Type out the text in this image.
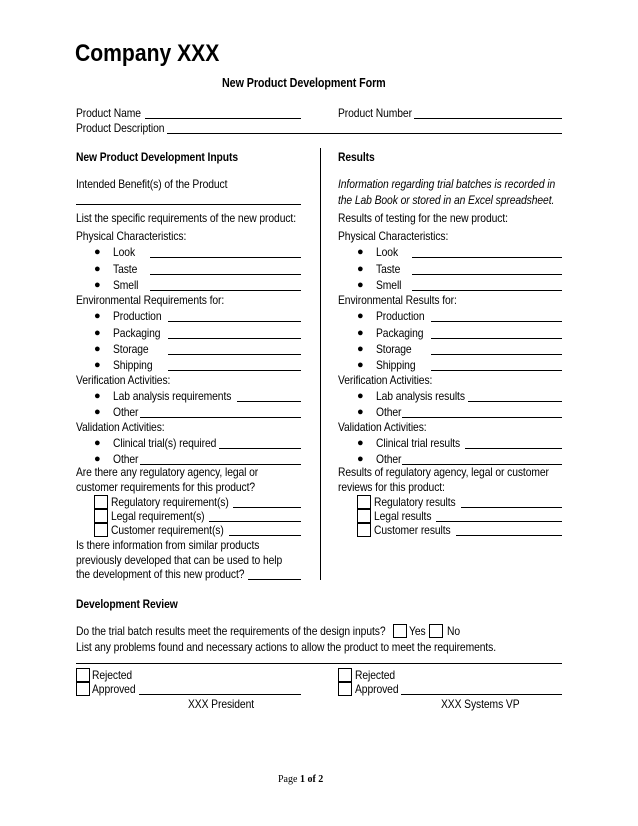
Company XXX
New Product Development Form
Product Name	Product Number
Product Description
New Product Development Inputs
Intended Benefit(s) of the Product
List the specific requirements of the new product:
Physical Characteristics:
● Look
● Taste
● Smell
Environmental Requirements for:
● Production
● Packaging
● Storage
● Shipping
Verification Activities:
● Lab analysis requirements
● Other
Validation Activities:
● Clinical trial(s) required
● Other
Are there any regulatory agency, legal or
customer requirements for this product?
Regulatory requirement(s)
Legal requirement(s)
Customer requirement(s)
Is there information from similar products
previously developed that can be used to help
the development of this new product?
Results
Information regarding trial batches is recorded in
the Lab Book or stored in an Excel spreadsheet.
Results of testing for the new product:
Physical Characteristics:
● Look
● Taste
● Smell
Environmental Results for:
● Production
● Packaging
● Storage
● Shipping
Verification Activities:
● Lab analysis results
● Other
Validation Activities:
● Clinical trial results
● Other
Results of regulatory agency, legal or customer
reviews for this product:
Regulatory results
Legal results
Customer results
Development Review
Do the trial batch results meet the requirements of the design inputs? Yes No
List any problems found and necessary actions to allow the product to meet the requirements.
Rejected
Approved
XXX President
Rejected
Approved
XXX Systems VP
Page 1 of 2
